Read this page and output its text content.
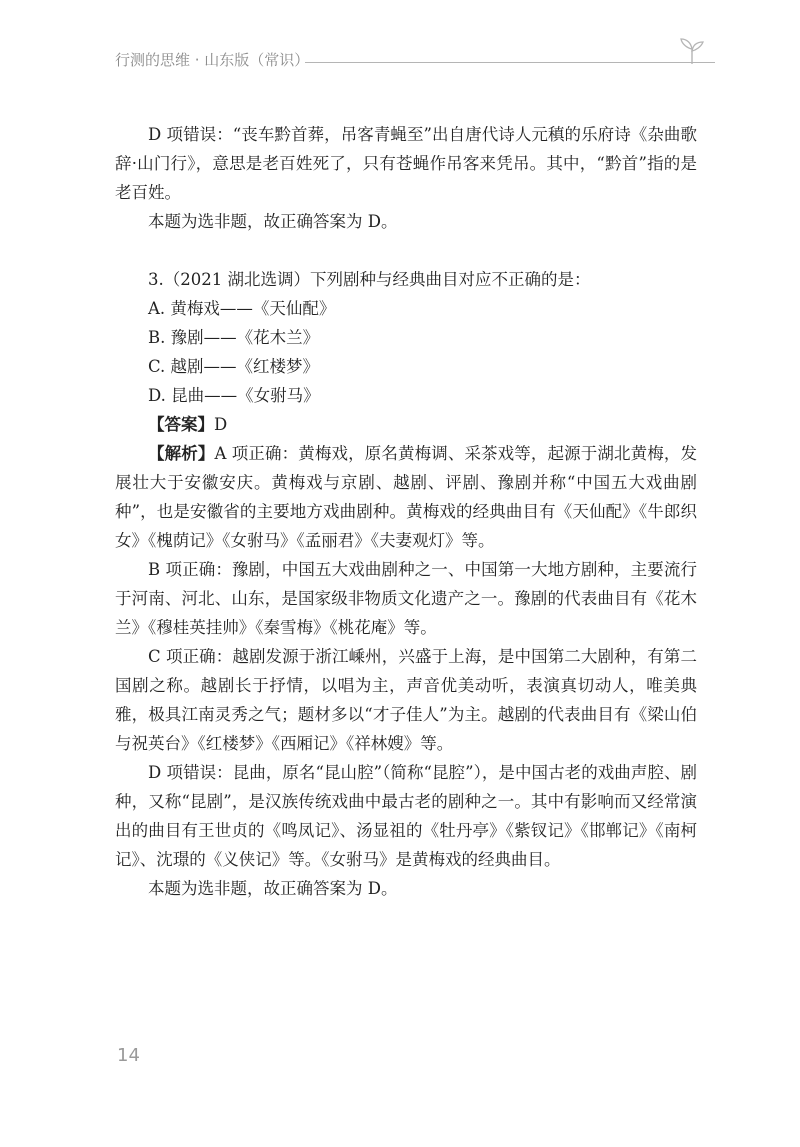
行测的思维 · 山东版（常识）

D 项错误：“丧车黔首葬，吊客青蝇至”出自唐代诗人元稹的乐府诗《杂曲歌辞·山门行》，意思是老百姓死了，只有苍蝇作吊客来凭吊。其中，“黔首”指的是老百姓。

本题为选非题，故正确答案为 D。

3.（2021 湖北选调）下列剧种与经典曲目对应不正确的是：

A. 黄梅戏——《天仙配》

B. 豫剧——《花木兰》

C. 越剧——《红楼梦》

D. 昆曲——《女驸马》

【答案】D

【解析】A 项正确：黄梅戏，原名黄梅调、采茶戏等，起源于湖北黄梅，发展壮大于安徽安庆。黄梅戏与京剧、越剧、评剧、豫剧并称“中国五大戏曲剧种”，也是安徽省的主要地方戏曲剧种。黄梅戏的经典曲目有《天仙配》《牛郎织女》《槐荫记》《女驸马》《孟丽君》《夫妻观灯》等。

B 项正确：豫剧，中国五大戏曲剧种之一、中国第一大地方剧种，主要流行于河南、河北、山东，是国家级非物质文化遗产之一。豫剧的代表曲目有《花木兰》《穆桂英挂帅》《秦雪梅》《桃花庵》等。

C 项正确：越剧发源于浙江嵊州，兴盛于上海，是中国第二大剧种，有第二国剧之称。越剧长于抒情，以唱为主，声音优美动听，表演真切动人，唯美典雅，极具江南灵秀之气；题材多以“才子佳人”为主。越剧的代表曲目有《梁山伯与祝英台》《红楼梦》《西厢记》《祥林嫂》等。

D 项错误：昆曲，原名“昆山腔”（简称“昆腔”），是中国古老的戏曲声腔、剧种，又称“昆剧”，是汉族传统戏曲中最古老的剧种之一。其中有影响而又经常演出的曲目有王世贞的《鸣凤记》、汤显祖的《牡丹亭》《紫钗记》《邯郸记》《南柯记》、沈璟的《义侠记》等。《女驸马》是黄梅戏的经典曲目。

本题为选非题，故正确答案为 D。

14
